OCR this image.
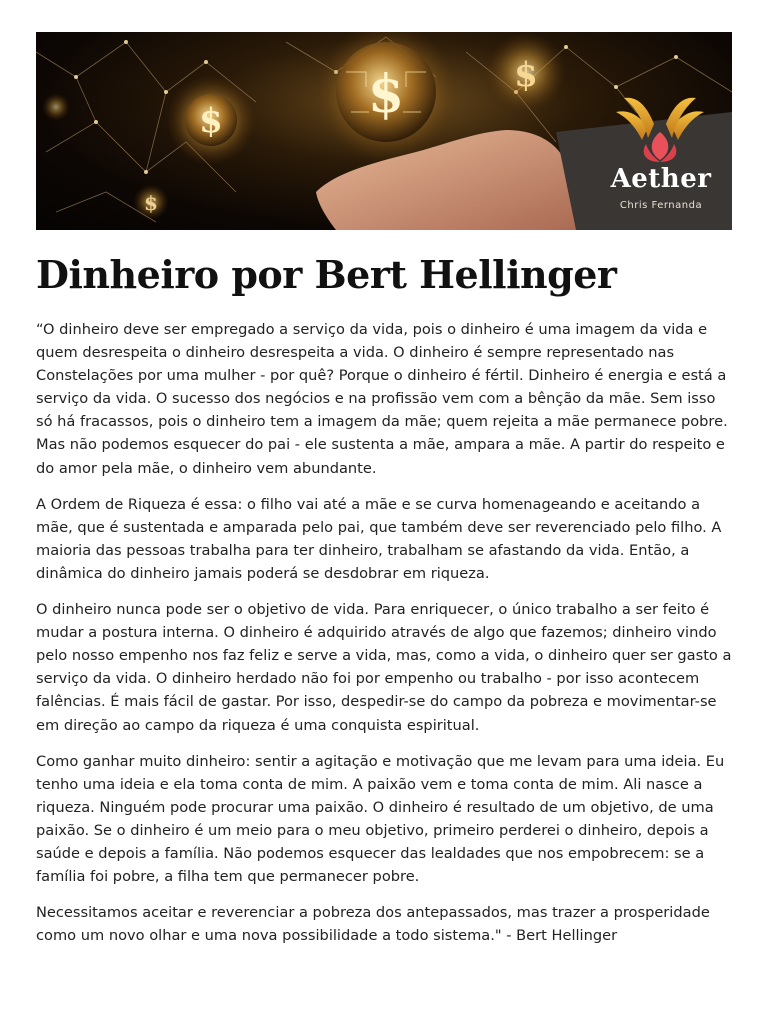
$	$	$
$
Aether
Chris Fernanda
Dinheiro por Bert Hellinger

“O dinheiro deve ser empregado a serviço da vida, pois o dinheiro é uma imagem da vida e quem desrespeita o dinheiro desrespeita a vida. O dinheiro é sempre representado nas Constelações por uma mulher - por quê? Porque o dinheiro é fértil. Dinheiro é energia e está a serviço da vida. O sucesso dos negócios e na profissão vem com a bênção da mãe. Sem isso só há fracassos, pois o dinheiro tem a imagem da mãe; quem rejeita a mãe permanece pobre. Mas não podemos esquecer do pai - ele sustenta a mãe, ampara a mãe. A partir do respeito e do amor pela mãe, o dinheiro vem abundante.

A Ordem de Riqueza é essa: o filho vai até a mãe e se curva homenageando e aceitando a mãe, que é sustentada e amparada pelo pai, que também deve ser reverenciado pelo filho. A maioria das pessoas trabalha para ter dinheiro, trabalham se afastando da vida. Então, a dinâmica do dinheiro jamais poderá se desdobrar em riqueza.

O dinheiro nunca pode ser o objetivo de vida. Para enriquecer, o único trabalho a ser feito é mudar a postura interna. O dinheiro é adquirido através de algo que fazemos; dinheiro vindo pelo nosso empenho nos faz feliz e serve a vida, mas, como a vida, o dinheiro quer ser gasto a serviço da vida. O dinheiro herdado não foi por empenho ou trabalho - por isso acontecem falências. É mais fácil de gastar. Por isso, despedir-se do campo da pobreza e movimentar-se em direção ao campo da riqueza é uma conquista espiritual.

Como ganhar muito dinheiro: sentir a agitação e motivação que me levam para uma ideia. Eu tenho uma ideia e ela toma conta de mim. A paixão vem e toma conta de mim. Ali nasce a riqueza. Ninguém pode procurar uma paixão. O dinheiro é resultado de um objetivo, de uma paixão. Se o dinheiro é um meio para o meu objetivo, primeiro perderei o dinheiro, depois a saúde e depois a família. Não podemos esquecer das lealdades que nos empobrecem: se a família foi pobre, a filha tem que permanecer pobre.

Necessitamos aceitar e reverenciar a pobreza dos antepassados, mas trazer a prosperidade como um novo olhar e uma nova possibilidade a todo sistema." - Bert Hellinger
